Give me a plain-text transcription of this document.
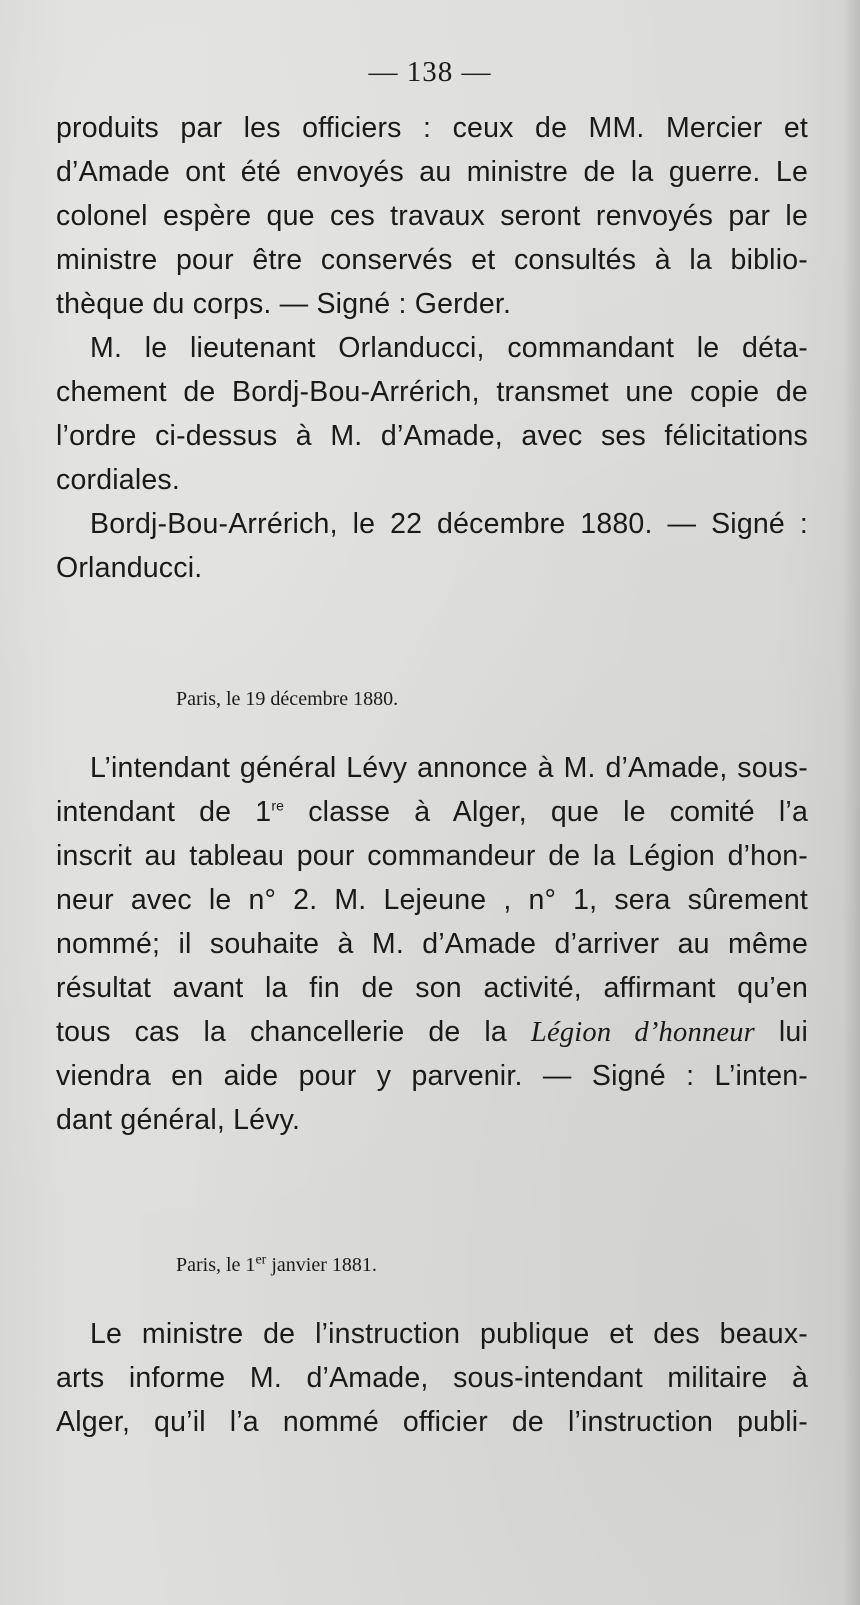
— 138 —
produits par les officiers : ceux de MM. Mercier et
d’Amade ont été envoyés au ministre de la guerre. Le
colonel espère que ces travaux seront renvoyés par le
ministre pour être conservés et consultés à la biblio-
thèque du corps. — Signé : Gerder.
M. le lieutenant Orlanducci, commandant le déta-
chement de Bordj-Bou-Arrérich, transmet une copie de
l’ordre ci-dessus à M. d’Amade, avec ses félicitations
cordiales.
Bordj-Bou-Arrérich, le 22 décembre 1880. — Signé :
Orlanducci.
Paris, le 19 décembre 1880.
L’intendant général Lévy annonce à M. d’Amade, sous-
intendant de 1re classe à Alger, que le comité l’a
inscrit au tableau pour commandeur de la Légion d’hon-
neur avec le n° 2. M. Lejeune , n° 1, sera sûrement
nommé; il souhaite à M. d’Amade d’arriver au même
résultat avant la fin de son activité, affirmant qu’en
tous cas la chancellerie de la Légion d’honneur lui
viendra en aide pour y parvenir. — Signé : L’inten-
dant général, Lévy.
Paris, le 1er janvier 1881.
Le ministre de l’instruction publique et des beaux-
arts informe M. d’Amade, sous-intendant militaire à
Alger, qu’il l’a nommé officier de l’instruction publi-
